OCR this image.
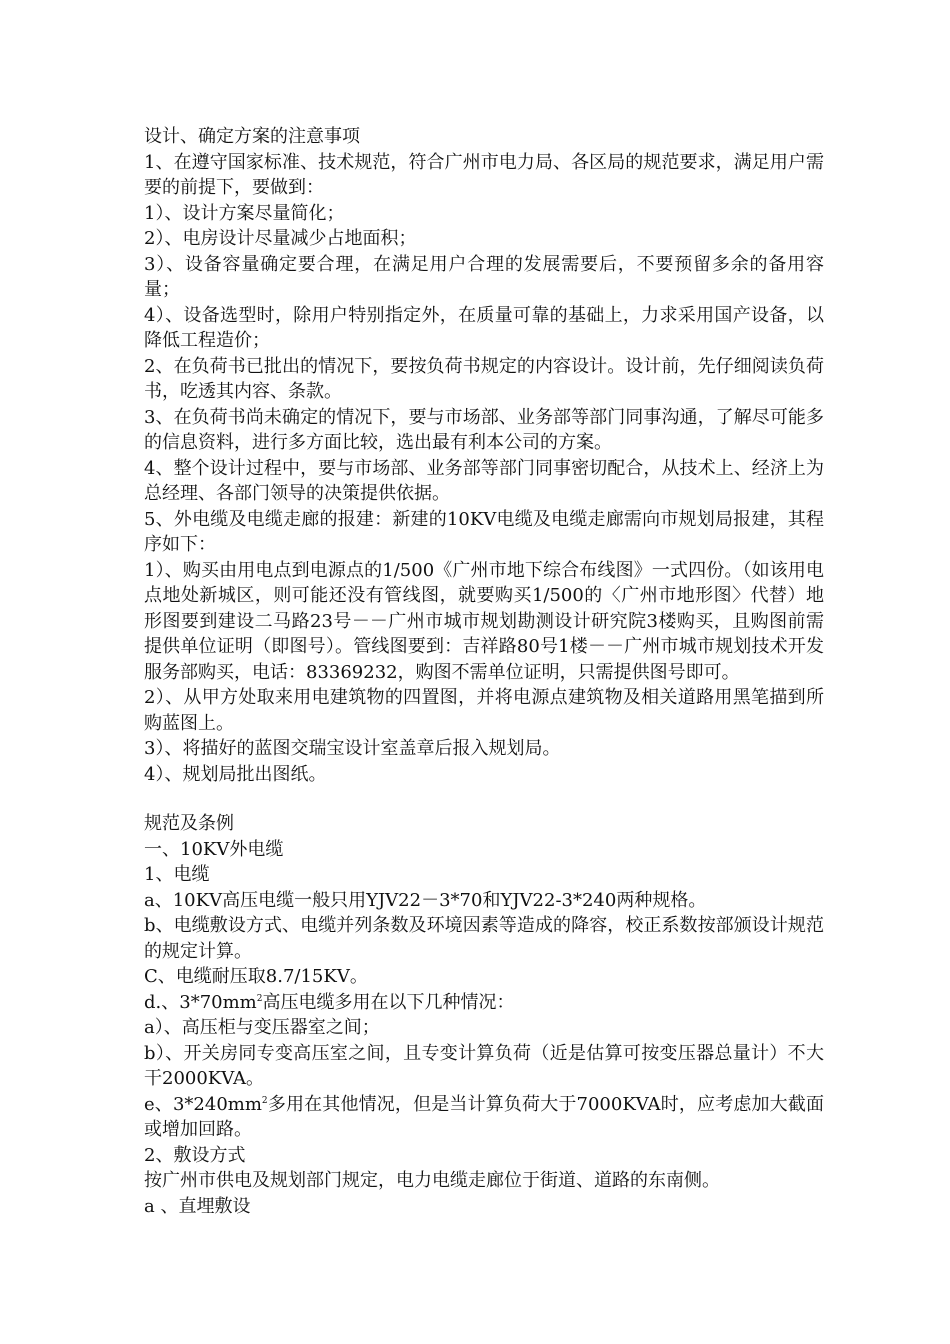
设计、确定方案的注意事项

1、在遵守国家标准、技术规范，符合广州市电力局、各区局的规范要求，满足用户需要的前提下，要做到：

1）、设计方案尽量简化；

2）、电房设计尽量减少占地面积；

3）、设备容量确定要合理，在满足用户合理的发展需要后，不要预留多余的备用容量；

4）、设备选型时，除用户特别指定外，在质量可靠的基础上，力求采用国产设备，以降低工程造价；

2、在负荷书已批出的情况下，要按负荷书规定的内容设计。设计前，先仔细阅读负荷书，吃透其内容、条款。

3、在负荷书尚未确定的情况下，要与市场部、业务部等部门同事沟通，了解尽可能多的信息资料，进行多方面比较，选出最有利本公司的方案。

4、整个设计过程中，要与市场部、业务部等部门同事密切配合，从技术上、经济上为总经理、各部门领导的决策提供依据。

5、外电缆及电缆走廊的报建：新建的10KV电缆及电缆走廊需向市规划局报建，其程序如下：

1）、购买由用电点到电源点的1/500《广州市地下综合布线图》一式四份。（如该用电点地处新城区，则可能还没有管线图，就要购买1/500的〈广州市地形图〉代替）地形图要到建设二马路23号－－广州市城市规划勘测设计研究院3楼购买，且购图前需提供单位证明（即图号）。管线图要到：吉祥路80号1楼－－广州市城市规划技术开发服务部购买，电话：83369232，购图不需单位证明，只需提供图号即可。

2）、从甲方处取来用电建筑物的四置图，并将电源点建筑物及相关道路用黑笔描到所购蓝图上。

3）、将描好的蓝图交瑞宝设计室盖章后报入规划局。

4）、规划局批出图纸。

规范及条例

一、10KV外电缆

1、电缆

a、10KV高压电缆一般只用YJV22－3*70和YJV22-3*240两种规格。

b、电缆敷设方式、电缆并列条数及环境因素等造成的降容，校正系数按部颁设计规范的规定计算。

C、电缆耐压取8.7/15KV。

d.、$3*70mm^2$高压电缆多用在以下几种情况：

a）、高压柜与变压器室之间；

b）、开关房同专变高压室之间，且专变计算负荷（近是估算可按变压器总量计）不大干2000KVA。

e、$3*240mm^2$多用在其他情况，但是当计算负荷大于7000KVA时，应考虑加大截面或增加回路。

2、敷设方式

按广州市供电及规划部门规定，电力电缆走廊位于街道、道路的东南侧。

a 、直埋敷设
